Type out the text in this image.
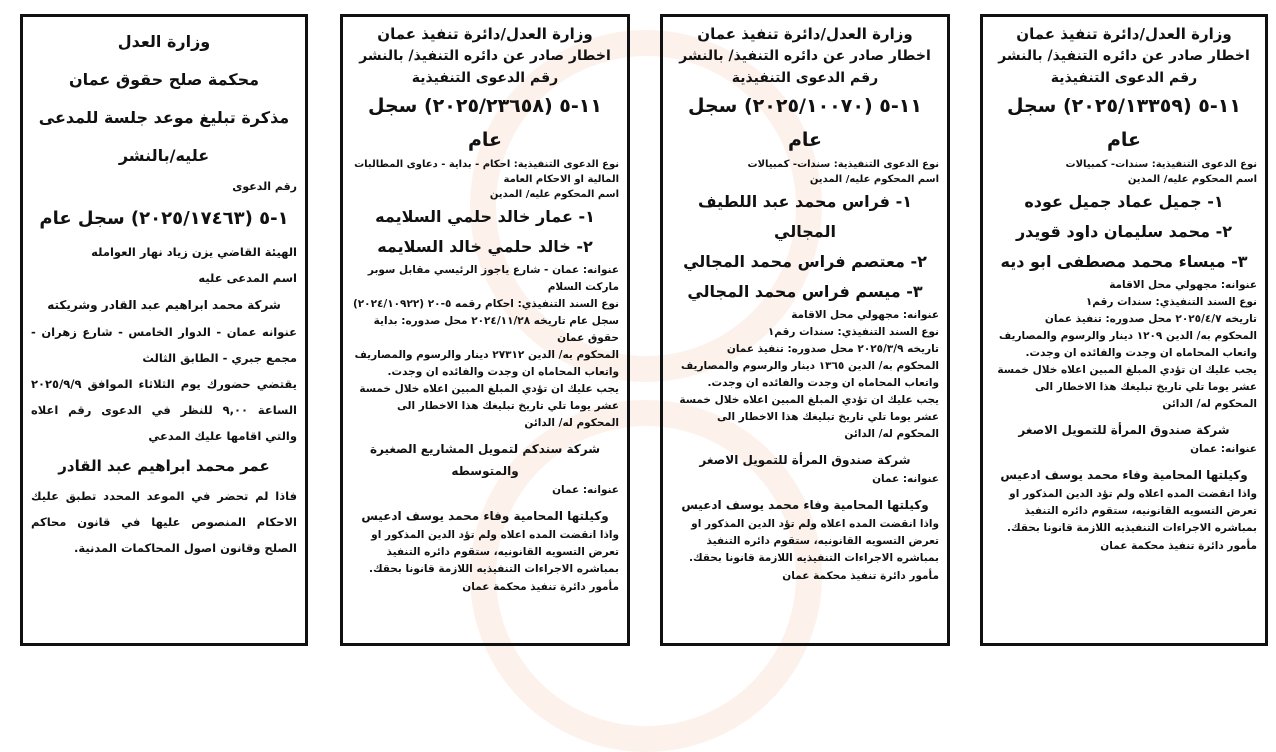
وزارة العدل/دائرة تنفيذ عمان
اخطار صادر عن دائره التنفيذ/ بالنشر
رقم الدعوى التنفيذية
١١-٥ (٢٠٢٥/١٣٣٥٩) سجل عام
نوع الدعوى التنفيذية: سندات- كمبيالات
اسم المحكوم عليه/ المدين
١- جميل عماد جميل عوده
٢- محمد سليمان داود قويدر
٣- ميساء محمد مصطفى ابو ديه
عنوانه: مجهولي محل الاقامة
نوع السند التنفيذي: سندات رقم١
تاريخه ٢٠٢٥/٤/٧ محل صدوره: تنفيذ عمان
المحكوم به/ الدين ١٢٠٩ دينار والرسوم والمصاريف واتعاب المحاماه ان وجدت والفائده ان وجدت.
يجب عليك ان تؤدي المبلغ المبين اعلاه خلال خمسة عشر يوما تلي تاريخ تبليغك هذا الاخطار الى المحكوم له/ الدائن
شركة صندوق المرأة للتمويل الاصغر
عنوانه: عمان
وكيلتها المحامية وفاء محمد يوسف ادعيس
واذا انقضت المده اعلاه ولم تؤد الدين المذكور او تعرض التسويه القانونيه، ستقوم دائره التنفيذ بمباشره الاجراءات التنفيذيه اللازمة قانونا بحقك.
مأمور دائرة تنفيذ محكمة عمان
وزارة العدل/دائرة تنفيذ عمان
اخطار صادر عن دائره التنفيذ/ بالنشر
رقم الدعوى التنفيذية
١١-٥ (٢٠٢٥/١٠٠٧٠) سجل عام
نوع الدعوى التنفيذية: سندات- كمبيالات
اسم المحكوم عليه/ المدين
١- فراس محمد عبد اللطيف المجالي
٢- معتصم فراس محمد المجالي
٣- ميسم فراس محمد المجالي
عنوانه: مجهولي محل الاقامة
نوع السند التنفيذي: سندات رقم١
تاريخه ٢٠٢٥/٣/٩ محل صدوره: تنفيذ عمان
المحكوم به/ الدين ١٣٦٥ دينار والرسوم والمصاريف واتعاب المحاماه ان وجدت والفائده ان وجدت.
يجب عليك ان تؤدي المبلغ المبين اعلاه خلال خمسة عشر يوما تلي تاريخ تبليغك هذا الاخطار الى المحكوم له/ الدائن
شركة صندوق المرأة للتمويل الاصغر
عنوانه: عمان
وكيلتها المحامية وفاء محمد يوسف ادعيس
واذا انقضت المده اعلاه ولم تؤد الدين المذكور او تعرض التسويه القانونيه، ستقوم دائره التنفيذ بمباشره الاجراءات التنفيذيه اللازمة قانونا بحقك.
مأمور دائرة تنفيذ محكمة عمان
وزارة العدل/دائرة تنفيذ عمان
اخطار صادر عن دائره التنفيذ/ بالنشر
رقم الدعوى التنفيذية
١١-٥ (٢٠٢٥/٢٣٦٥٨) سجل عام
نوع الدعوى التنفيذية: احكام - بداية - دعاوى المطالبات المالية او الاحكام العامة
اسم المحكوم عليه/ المدين
١- عمار خالد حلمي السلايمه
٢- خالد حلمي خالد السلايمه
عنوانه: عمان - شارع ياجوز الرئيسي مقابل سوبر ماركت السلام
نوع السند التنفيذي: احكام رقمه ٥-٢٠ (٢٠٢٤/١٠٩٢٢)
سجل عام تاريخه ٢٠٢٤/١١/٢٨ محل صدوره: بداية حقوق عمان
المحكوم به/ الدين ٢٧٣١٢ دينار والرسوم والمصاريف واتعاب المحاماه ان وجدت والفائده ان وجدت.
يجب عليك ان تؤدي المبلغ المبين اعلاه خلال خمسة عشر يوما تلي تاريخ تبليغك هذا الاخطار الى المحكوم له/ الدائن
شركة سندكم لتمويل المشاريع الصغيرة والمتوسطه
عنوانه: عمان
وكيلتها المحامية وفاء محمد يوسف ادعيس
واذا انقضت المده اعلاه ولم تؤد الدين المذكور او تعرض التسويه القانونيه، ستقوم دائره التنفيذ بمباشره الاجراءات التنفيذيه اللازمة قانونا بحقك.
مأمور دائرة تنفيذ محكمة عمان
وزارة العدل
محكمة صلح حقوق عمان
مذكرة تبليغ موعد جلسة للمدعى عليه/بالنشر
رقم الدعوى
١-٥ (٢٠٢٥/١٧٤٦٣) سجل عام
الهيئة القاضي يزن زياد نهار العوامله
اسم المدعى عليه
شركة محمد ابراهيم عبد القادر وشريكته
عنوانه عمان - الدوار الخامس - شارع زهران - مجمع جبري - الطابق الثالث
يقتضي حضورك يوم الثلاثاء الموافق ٢٠٢٥/٩/٩ الساعة ٩,٠٠ للنظر في الدعوى رقم اعلاه والتي اقامها عليك المدعي
عمر محمد ابراهيم عبد القادر
فاذا لم تحضر في الموعد المحدد تطبق عليك الاحكام المنصوص عليها في قانون محاكم الصلح وقانون اصول المحاكمات المدنية.
